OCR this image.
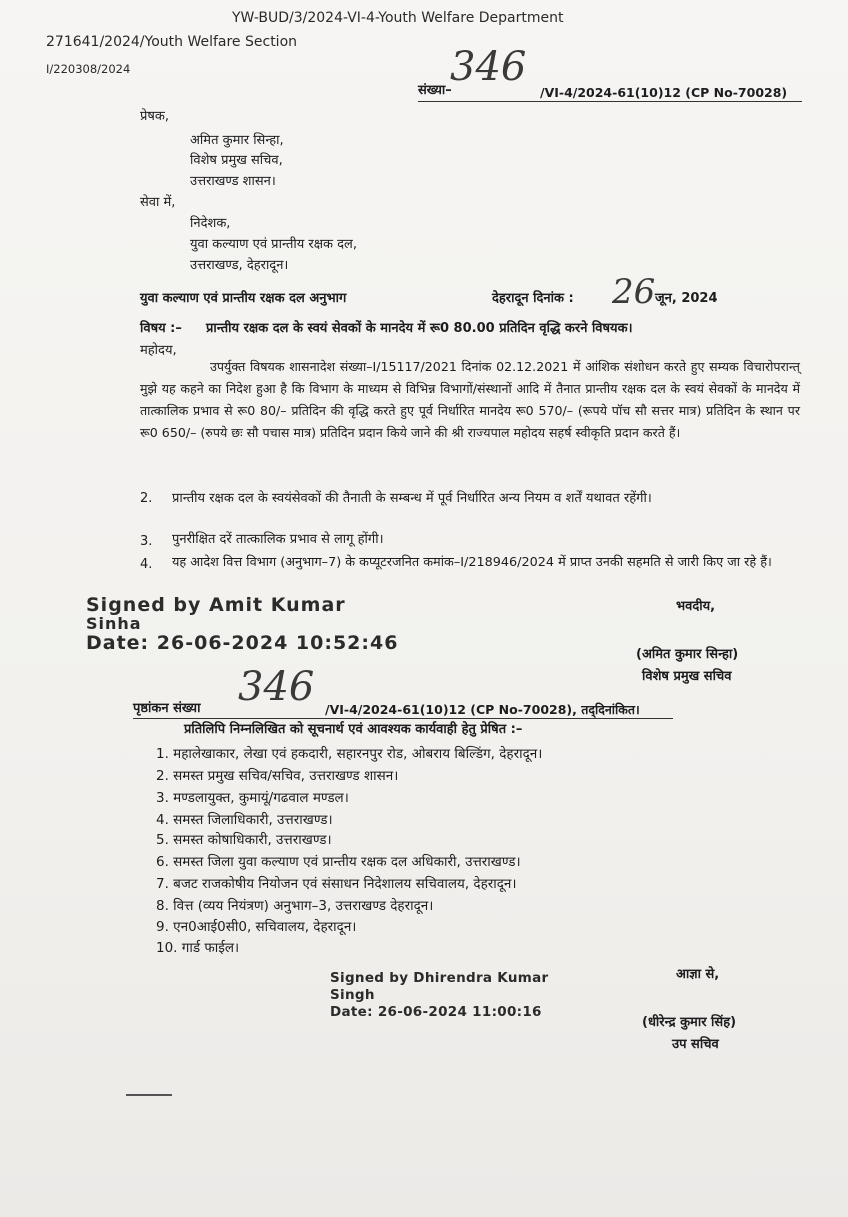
YW-BUD/3/2024-VI-4-Youth Welfare Department
271641/2024/Youth Welfare Section
I/220308/2024
संख्या–
346
/VI-4/2024-61(10)12 (CP No-70028)
प्रेषक,
अमित कुमार सिन्हा,
विशेष प्रमुख सचिव,
उत्तराखण्ड शासन।
सेवा में,
निदेशक,
युवा कल्याण एवं प्रान्तीय रक्षक दल,
उत्तराखण्ड, देहरादून।
युवा कल्याण एवं प्रान्तीय रक्षक दल अनुभाग	देहरादून दिनांक : 26 जून, 2024
विषय :– प्रान्तीय रक्षक दल के स्वयं सेवकों के मानदेय में रू0 80.00 प्रतिदिन वृद्धि करने विषयक।
महोदय,
उपर्युक्त विषयक शासनादेश संख्या–I/15117/2021 दिनांक 02.12.2021 में आंशिक संशोधन करते हुए सम्यक विचारोपरान्त् मुझे यह कहने का निदेश हुआ है कि विभाग के माध्यम से विभिन्न विभागों/संस्थानों आदि में तैनात प्रान्तीय रक्षक दल के स्वयं सेवकों के मानदेय में तात्कालिक प्रभाव से रू0 80/– प्रतिदिन की वृद्धि करते हुए पूर्व निर्धारित मानदेय रू0 570/– (रूपये पॉच सौ सत्तर मात्र) प्रतिदिन के स्थान पर रू0 650/– (रुपये छः सौ पचास मात्र) प्रतिदिन प्रदान किये जाने की श्री राज्यपाल महोदय सहर्ष स्वीकृति प्रदान करते हैं।
2.	प्रान्तीय रक्षक दल के स्वयंसेवकों की तैनाती के सम्बन्ध में पूर्व निर्धारित अन्य नियम व शर्तें यथावत रहेंगी।
3. पुनरीक्षित दरें तात्कालिक प्रभाव से लागू होंगी।
4. यह आदेश वित्त विभाग (अनुभाग–7) के कप्यूटरजनित कमांक–I/218946/2024 में प्राप्त उनकी सहमति से जारी किए जा रहे हैं।
Signed by Amit Kumar
Sinha
Date: 26-06-2024 10:52:46
भवदीय,
(अमित कुमार सिन्हा)
विशेष प्रमुख सचिव
पृष्ठांकन संख्या 346 /VI-4/2024-61(10)12 (CP No-70028), तद्‌दिनांकित।
प्रतिलिपि निम्नलिखित को सूचनार्थ एवं आवश्यक कार्यवाही हेतु प्रेषित :–
1. महालेखाकार, लेखा एवं हकदारी, सहारनपुर रोड, ओबराय बिल्डिंग, देहरादून।
2. समस्त प्रमुख सचिव/सचिव, उत्तराखण्ड शासन।
3. मण्डलायुक्त, कुमायूं/गढवाल मण्डल।
4. समस्त जिलाधिकारी, उत्तराखण्ड।
5. समस्त कोषाधिकारी, उत्तराखण्ड।
6. समस्त जिला युवा कल्याण एवं प्रान्तीय रक्षक दल अधिकारी, उत्तराखण्ड।
7. बजट राजकोषीय नियोजन एवं संसाधन निदेशालय सचिवालय, देहरादून।
8. वित्त (व्यय नियंत्रण) अनुभाग–3, उत्तराखण्ड देहरादून।
9. एन0आई0सी0, सचिवालय, देहरादून।
10. गार्ड फाईल।
Signed by Dhirendra Kumar
Singh
Date: 26-06-2024 11:00:16
आज्ञा से,
(धीरेन्द्र कुमार सिंह)
उप सचिव
